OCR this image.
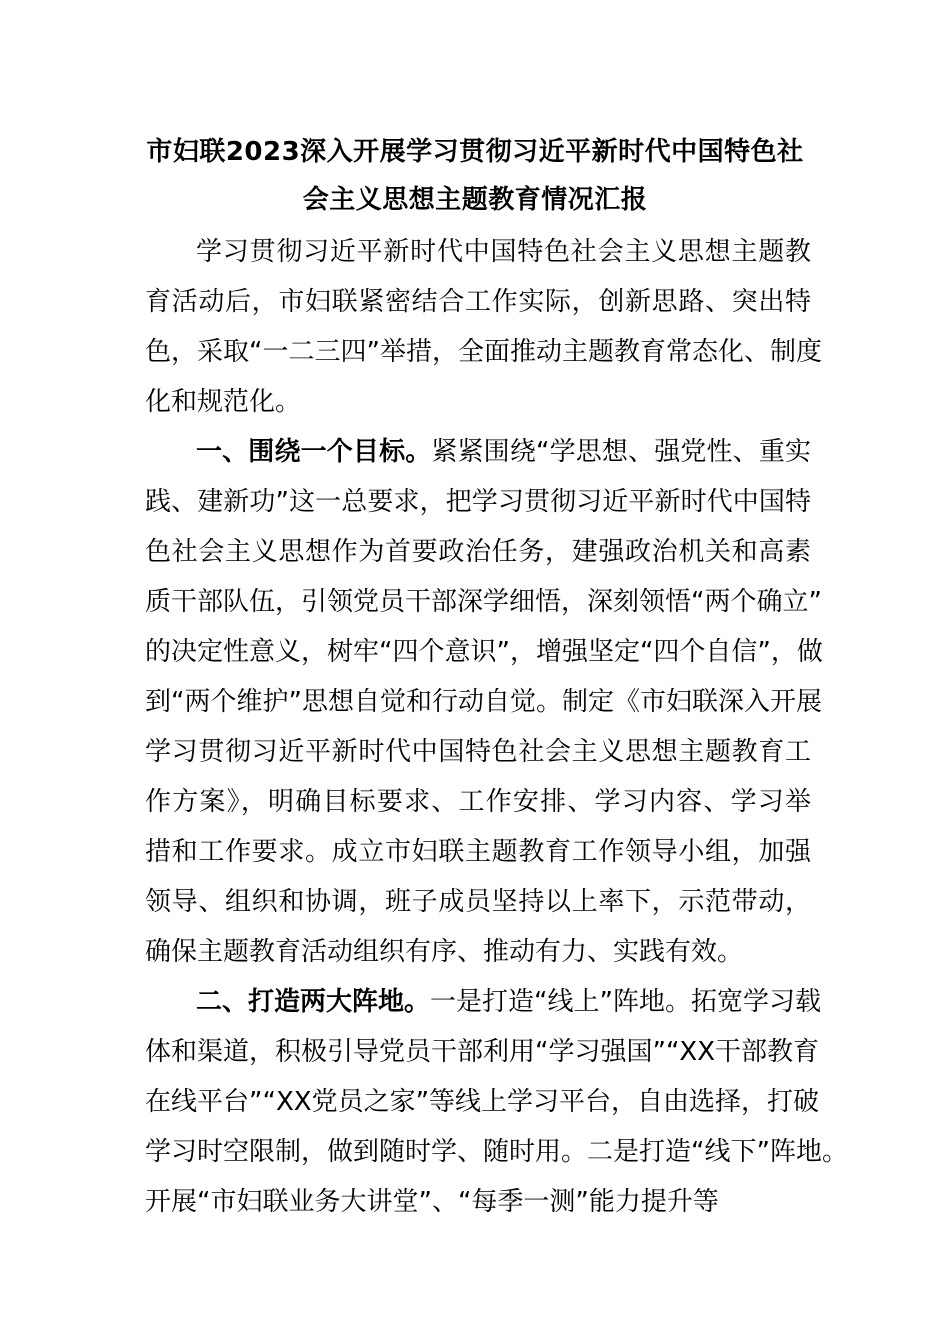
市妇联2023深入开展学习贯彻习近平新时代中国特色社
会主义思想主题教育情况汇报
学习贯彻习近平新时代中国特色社会主义思想主题教
育活动后，市妇联紧密结合工作实际，创新思路、突出特
色，采取“一二三四”举措，全面推动主题教育常态化、制度
化和规范化。
一、围绕一个目标。紧紧围绕“学思想、强党性、重实
践、建新功”这一总要求，把学习贯彻习近平新时代中国特
色社会主义思想作为首要政治任务，建强政治机关和高素
质干部队伍，引领党员干部深学细悟，深刻领悟“两个确立”
的决定性意义，树牢“四个意识”，增强坚定“四个自信”，做
到“两个维护”思想自觉和行动自觉。制定《市妇联深入开展
学习贯彻习近平新时代中国特色社会主义思想主题教育工
作方案》，明确目标要求、工作安排、学习内容、学习举
措和工作要求。成立市妇联主题教育工作领导小组，加强
领导、组织和协调，班子成员坚持以上率下，示范带动，
确保主题教育活动组织有序、推动有力、实践有效。
二、打造两大阵地。一是打造“线上”阵地。拓宽学习载
体和渠道，积极引导党员干部利用“学习强国”“XX干部教育
在线平台”“XX党员之家”等线上学习平台，自由选择，打破
学习时空限制，做到随时学、随时用。二是打造“线下”阵地。
开展“市妇联业务大讲堂”、“每季一测”能力提升等
